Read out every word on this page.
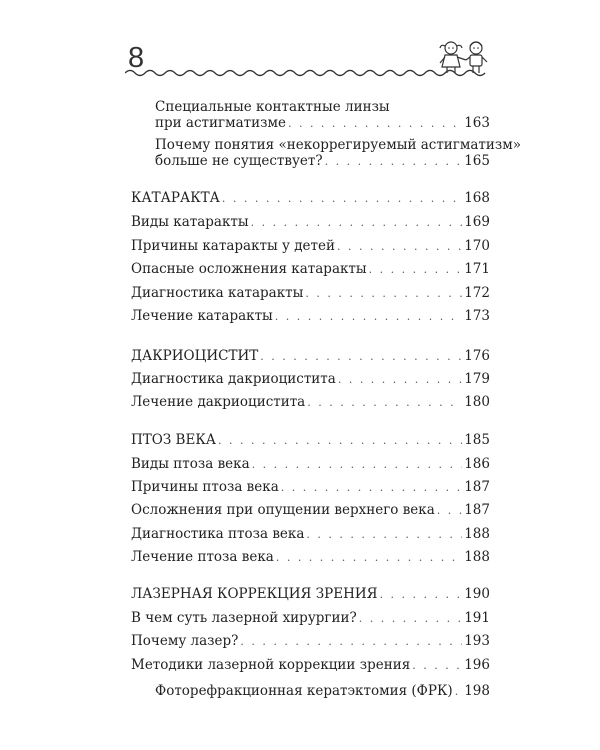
8
Специальные контактные линзы
при астигматизме . . .	163
Почему понятия «некоррегируемый астигматизм»
больше не существует? . . .	165
КАТАРАКТА . . .	168
Виды катаракты . . .	169
Причины катаракты у детей . . .	170
Опасные осложнения катаракты . . .	171
Диагностика катаракты . . .	172
Лечение катаракты . . .	173
ДАКРИОЦИСТИТ . . .	176
Диагностика дакриоцистита . . .	179
Лечение дакриоцистита . . .	180
ПТОЗ ВЕКА . . .	185
Виды птоза века . . .	186
Причины птоза века . . .	187
Осложнения при опущении верхнего века . . . 187
Диагностика птоза века . . .	188
Лечение птоза века . . .	188
ЛАЗЕРНАЯ КОРРЕКЦИЯ ЗРЕНИЯ . . .	190
В чем суть лазерной хирургии? . . .	191
Почему лазер? . . .	193
Методики лазерной коррекции зрения . . .	196
Фоторефракционная кератэктомия (ФРК) . . . 198
